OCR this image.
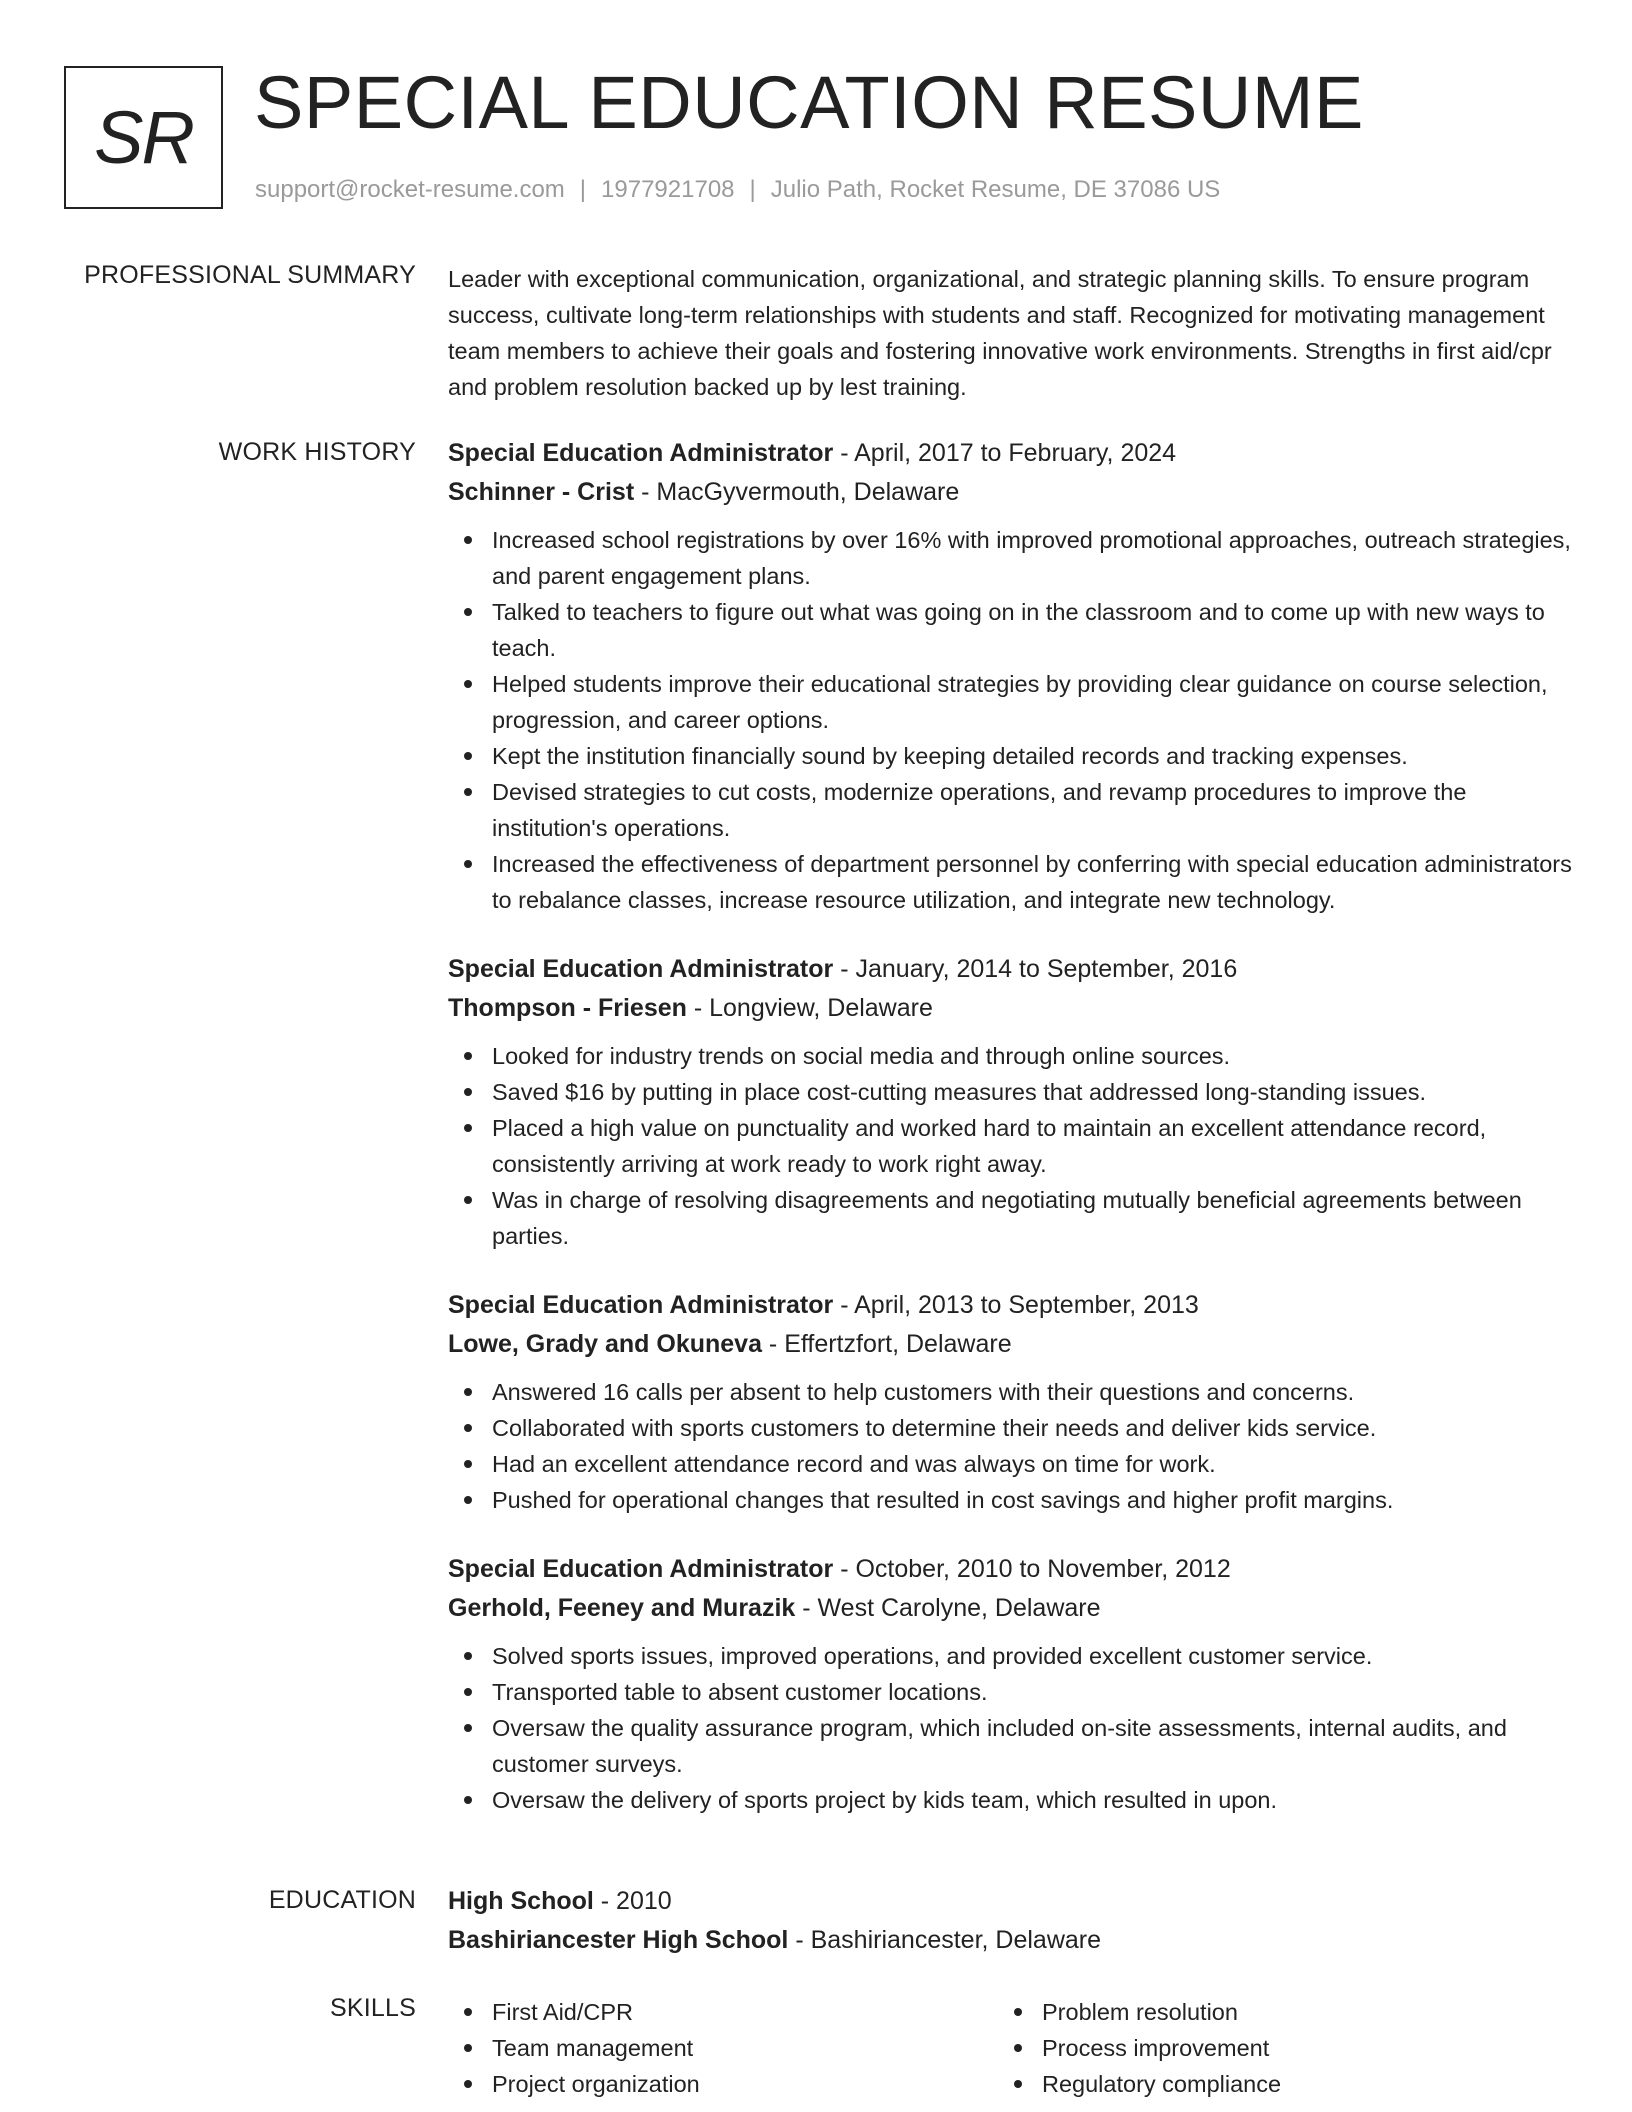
SR SPECIAL EDUCATION RESUME
support@rocket-resume.com | 1977921708 | Julio Path, Rocket Resume, DE 37086 US
PROFESSIONAL SUMMARY Leader with exceptional communication, organizational, and strategic planning skills. To ensure program success, cultivate long-term relationships with students and staff. Recognized for motivating management team members to achieve their goals and fostering innovative work environments. Strengths in first aid/cpr and problem resolution backed up by lest training.
WORK HISTORY Special Education Administrator - April, 2017 to February, 2024
Schinner - Crist - MacGyvermouth, Delaware
Increased school registrations by over 16% with improved promotional approaches, outreach strategies, and parent engagement plans.
Talked to teachers to figure out what was going on in the classroom and to come up with new ways to teach.
Helped students improve their educational strategies by providing clear guidance on course selection, progression, and career options.
Kept the institution financially sound by keeping detailed records and tracking expenses.
Devised strategies to cut costs, modernize operations, and revamp procedures to improve the institution's operations.
Increased the effectiveness of department personnel by conferring with special education administrators to rebalance classes, increase resource utilization, and integrate new technology.
Special Education Administrator - January, 2014 to September, 2016
Thompson - Friesen - Longview, Delaware
Looked for industry trends on social media and through online sources.
Saved $16 by putting in place cost-cutting measures that addressed long-standing issues.
Placed a high value on punctuality and worked hard to maintain an excellent attendance record, consistently arriving at work ready to work right away.
Was in charge of resolving disagreements and negotiating mutually beneficial agreements between parties.
Special Education Administrator - April, 2013 to September, 2013
Lowe, Grady and Okuneva - Effertzfort, Delaware
Answered 16 calls per absent to help customers with their questions and concerns.
Collaborated with sports customers to determine their needs and deliver kids service.
Had an excellent attendance record and was always on time for work.
Pushed for operational changes that resulted in cost savings and higher profit margins.
Special Education Administrator - October, 2010 to November, 2012
Gerhold, Feeney and Murazik - West Carolyne, Delaware
Solved sports issues, improved operations, and provided excellent customer service.
Transported table to absent customer locations.
Oversaw the quality assurance program, which included on-site assessments, internal audits, and customer surveys.
Oversaw the delivery of sports project by kids team, which resulted in upon.
EDUCATION High School - 2010
Bashiriancester High School - Bashiriancester, Delaware
SKILLS	First Aid/CPR
Team management
Project organization
Problem resolution
Process improvement
Regulatory compliance
